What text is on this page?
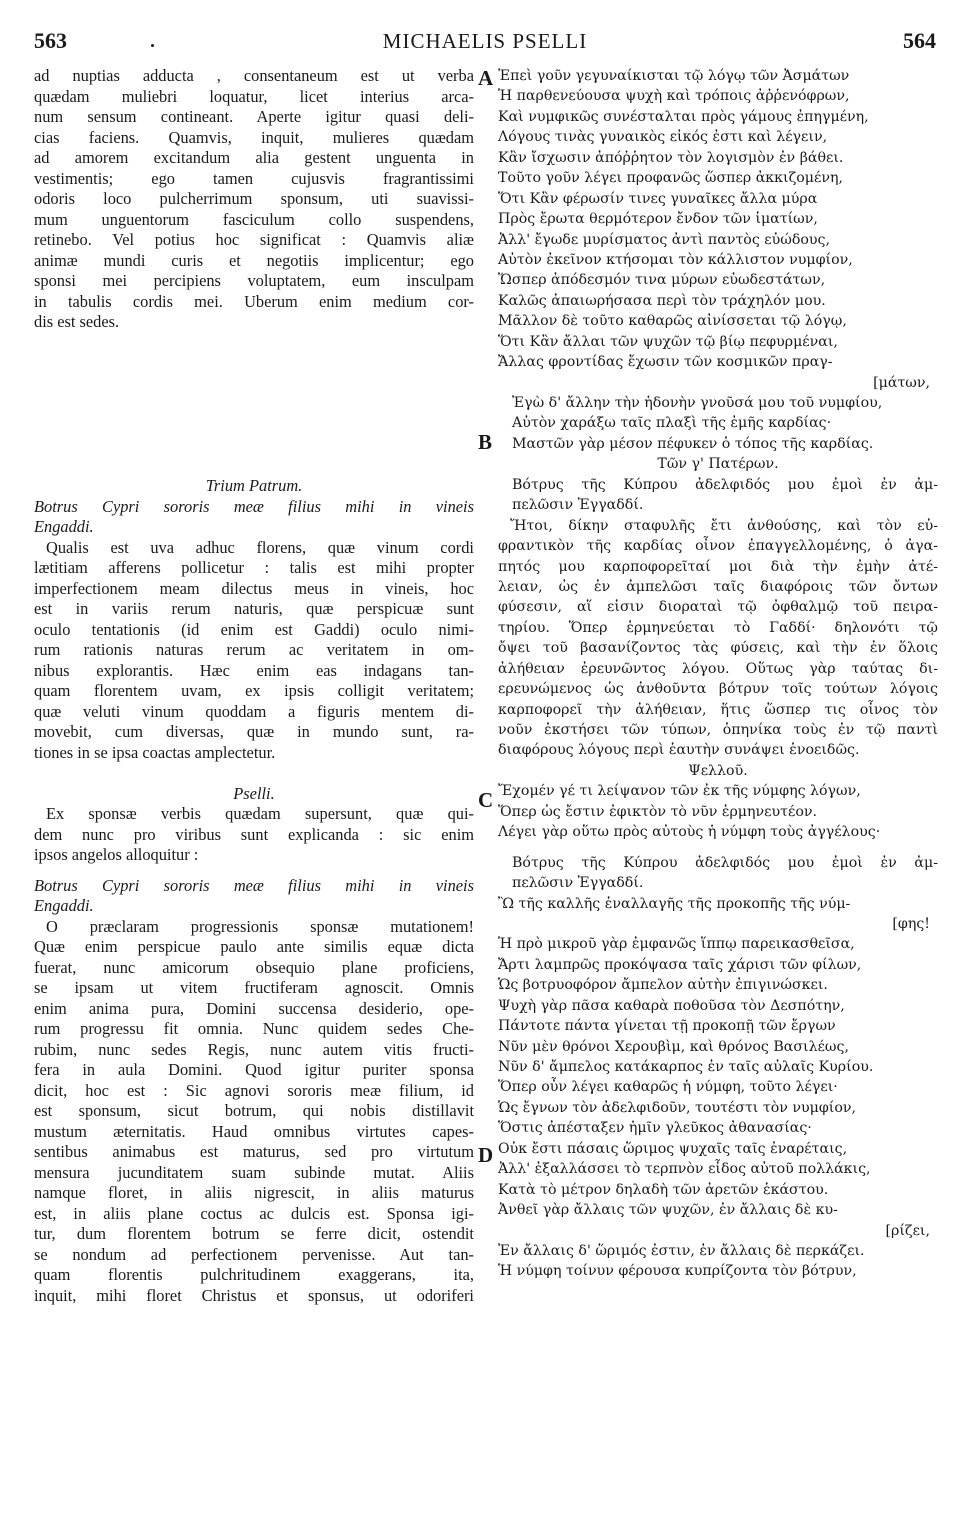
563	MICHAELIS PSELLI	564
A
B
C
D
ad nuptias adducta , consentaneum est ut verba
quædam muliebri loquatur, licet interius arca-
num sensum contineant. Aperte igitur quasi deli-
cias faciens. Quamvis, inquit, mulieres quædam
ad amorem excitandum alia gestent unguenta in
vestimentis; ego tamen cujusvis fragrantissimi
odoris loco pulcherrimum sponsum, uti suavissi-
mum unguentorum fasciculum collo suspendens,
retinebo. Vel potius hoc significat : Quamvis aliæ
animæ mundi curis et negotiis implicentur; ego
sponsi mei percipiens voluptatem, eum insculpam
in tabulis cordis mei. Uberum enim medium cor-
dis est sedes.
Trium Patrum.
Botrus Cypri sororis meæ filius mihi in vineis
Engaddi.
Qualis est uva adhuc florens, quæ vinum cordi
lætitiam afferens pollicetur : talis est mihi propter
imperfectionem meam dilectus meus in vineis, hoc
est in variis rerum naturis, quæ perspicuæ sunt
oculo tentationis (id enim est Gaddi) oculo nimi-
rum rationis naturas rerum ac veritatem in om-
nibus explorantis. Hæc enim eas indagans tan-
quam florentem uvam, ex ipsis colligit veritatem;
quæ veluti vinum quoddam a figuris mentem di-
movebit, cum diversas, quæ in mundo sunt, ra-
tiones in se ipsa coactas amplectetur.
Pselli.
Ex sponsæ verbis quædam supersunt, quæ qui-
dem nunc pro viribus sunt explicanda : sic enim
ipsos angelos alloquitur :
Botrus Cypri sororis meæ filius mihi in vineis
Engaddi.
O præclaram progressionis sponsæ mutationem!
Quæ enim perspicue paulo ante similis equæ dicta
fuerat, nunc amicorum obsequio plane proficiens,
se ipsam ut vitem fructiferam agnoscit. Omnis
enim anima pura, Domini succensa desiderio, ope-
rum progressu fit omnia. Nunc quidem sedes Che-
rubim, nunc sedes Regis, nunc autem vitis fructi-
fera in aula Domini. Quod igitur puriter sponsa
dicit, hoc est : Sic agnovi sororis meæ filium, id
est sponsum, sicut botrum, qui nobis distillavit
mustum æternitatis. Haud omnibus virtutes capes-
sentibus animabus est maturus, sed pro virtutum
mensura jucunditatem suam subinde mutat. Aliis
namque floret, in aliis nigrescit, in aliis maturus
est, in aliis plane coctus ac dulcis est. Sponsa igi-
tur, dum florentem botrum se ferre dicit, ostendit
se nondum ad perfectionem pervenisse. Aut tan-
quam florentis pulchritudinem exaggerans, ita,
inquit, mihi floret Christus et sponsus, ut odoriferi
Ἐπεὶ γοῦν γεγυναίκισται τῷ λόγῳ τῶν Ἀσμάτων
Ἡ παρθενεύουσα ψυχὴ καὶ τρόποις ἀῤῥενόφρων,
Καὶ νυμφικῶς συνέσταλται πρὸς γάμους ἐπηγμένη,
Λόγους τινὰς γυναικὸς εἰκός ἐστι καὶ λέγειν,
Κἂν ἴσχωσιν ἀπόῤῥητον τὸν λογισμὸν ἐν βάθει.
Τοῦτο γοῦν λέγει προφανῶς ὥσπερ ἀκκιζομένη,
Ὅτι Κἂν φέρωσίν τινες γυναῖκες ἄλλα μύρα
Πρὸς ἔρωτα θερμότερον ἔνδον τῶν ἱματίων,
Ἀλλ' ἔγωδε μυρίσματος ἀντὶ παντὸς εὐώδους,
Αὐτὸν ἐκεῖνον κτήσομαι τὸν κάλλιστον νυμφίον,
Ὥσπερ ἀπόδεσμόν τινα μύρων εὐωδεστάτων,
Καλῶς ἀπαιωρήσασα περὶ τὸν τράχηλόν μου.
Μᾶλλον δὲ τοῦτο καθαρῶς αἰνίσσεται τῷ λόγῳ,
Ὅτι Κἂν ἄλλαι τῶν ψυχῶν τῷ βίῳ πεφυρμέναι,
Ἄλλας φροντίδας ἔχωσιν τῶν κοσμικῶν πραγ-
[μάτων,
Ἐγὼ δ' ἄλλην τὴν ἡδονὴν γνοῦσά μου τοῦ νυμφίου,
Αὐτὸν χαράξω ταῖς πλαξὶ τῆς ἐμῆς καρδίας·
Μαστῶν γὰρ μέσον πέφυκεν ὁ τόπος τῆς καρδίας.
Τῶν γ' Πατέρων.
Βότρυς τῆς Κύπρου ἀδελφιδός μου ἐμοὶ ἐν ἀμ-
πελῶσιν Ἐγγαδδί.
Ἤτοι, δίκην σταφυλῆς ἔτι ἀνθούσης, καὶ τὸν εὐ-
φραντικὸν τῆς καρδίας οἶνον ἐπαγγελλομένης, ὁ ἀγα-
πητός μου καρποφορεῖταί μοι διὰ τὴν ἐμὴν ἀτέ-
λειαν, ὡς ἐν ἀμπελῶσι ταῖς διαφόροις τῶν ὄντων
φύσεσιν, αἵ εἰσιν διοραταὶ τῷ ὀφθαλμῷ τοῦ πειρα-
τηρίου. Ὅπερ ἑρμηνεύεται τὸ Γαδδί· δηλονότι τῷ
ὄψει τοῦ βασανίζοντος τὰς φύσεις, καὶ τὴν ἐν ὅλοις
ἀλήθειαν ἐρευνῶντος λόγου. Οὕτως γὰρ ταύτας δι-
ερευνώμενος ὡς ἀνθοῦντα βότρυν τοῖς τούτων λόγοις
καρποφορεῖ τὴν ἀλήθειαν, ἥτις ὥσπερ τις οἶνος τὸν
νοῦν ἐκστήσει τῶν τύπων, ὁπηνίκα τοὺς ἐν τῷ παντὶ
διαφόρους λόγους περὶ ἑαυτὴν συνάψει ἑνοειδῶς.
Ψελλοῦ.
Ἔχομέν γέ τι λείψανον τῶν ἐκ τῆς νύμφης λόγων,
Ὅπερ ὡς ἔστιν ἐφικτὸν τὸ νῦν ἑρμηνευτέον.
Λέγει γὰρ οὕτω πρὸς αὐτοὺς ἡ νύμφη τοὺς ἀγγέλους·
Βότρυς τῆς Κύπρου ἀδελφιδός μου ἐμοὶ ἐν ἀμ-
πελῶσιν Ἐγγαδδί.
Ὢ τῆς καλλῆς ἐναλλαγῆς τῆς προκοπῆς τῆς νύμ-
[φης!
Ἡ πρὸ μικροῦ γὰρ ἐμφανῶς ἵππῳ παρεικασθεῖσα,
Ἄρτι λαμπρῶς προκόψασα ταῖς χάρισι τῶν φίλων,
Ὡς βοτρυοφόρον ἄμπελον αὐτὴν ἐπιγινώσκει.
Ψυχὴ γὰρ πᾶσα καθαρὰ ποθοῦσα τὸν Δεσπότην,
Πάντοτε πάντα γίνεται τῇ προκοπῇ τῶν ἔργων
Νῦν μὲν θρόνοι Χερουβὶμ, καὶ θρόνος Βασιλέως,
Νῦν δ' ἄμπελος κατάκαρπος ἐν ταῖς αὐλαῖς Κυρίου.
Ὅπερ οὖν λέγει καθαρῶς ἡ νύμφη, τοῦτο λέγει·
Ὡς ἔγνων τὸν ἀδελφιδοῦν, τουτέστι τὸν νυμφίον,
Ὅστις ἀπέσταξεν ἡμῖν γλεῦκος ἀθανασίας·
Οὐκ ἔστι πάσαις ὥριμος ψυχαῖς ταῖς ἐναρέταις,
Ἀλλ' ἐξαλλάσσει τὸ τερπνὸν εἶδος αὐτοῦ πολλάκις,
Κατὰ τὸ μέτρον δηλαδὴ τῶν ἀρετῶν ἑκάστου.
Ἀνθεῖ γὰρ ἄλλαις τῶν ψυχῶν, ἐν ἄλλαις δὲ κυ-
[ρίζει,
Ἐν ἄλλαις δ' ὥριμός ἐστιν, ἐν ἄλλαις δὲ περκάζει.
Ἡ νύμφη τοίνυν φέρουσα κυπρίζοντα τὸν βότρυν,
